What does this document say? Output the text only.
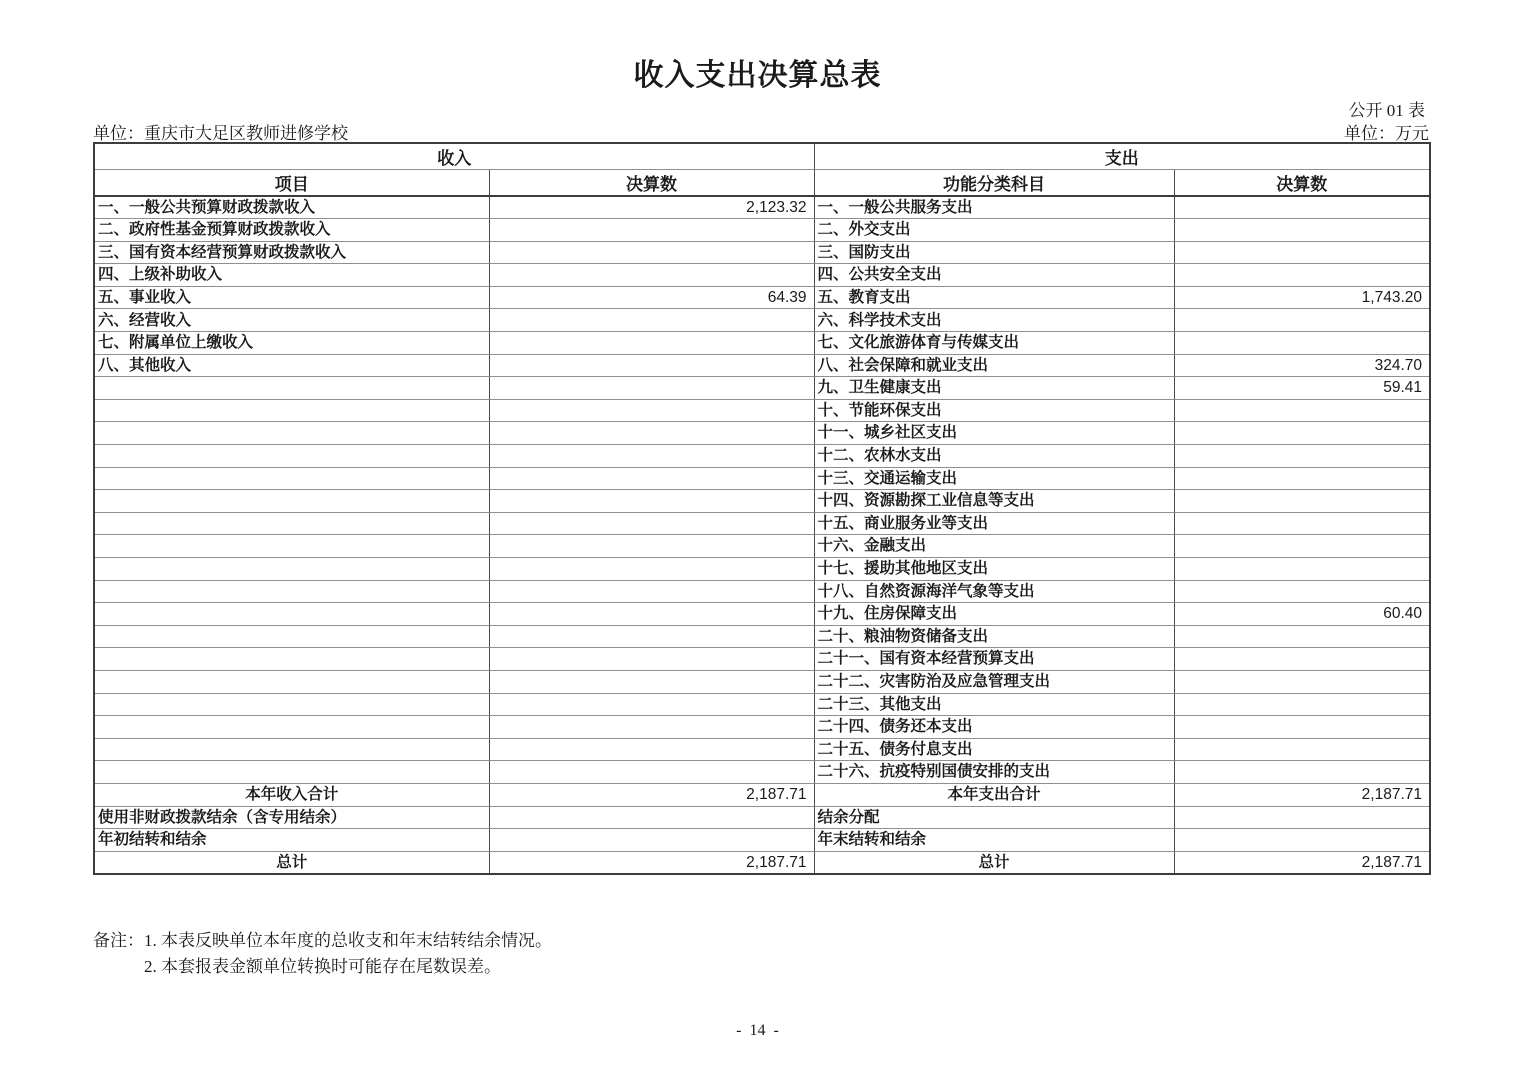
收入支出决算总表
公开 01 表
单位：重庆市大足区教师进修学校	单位：万元
收入		支出	
项目	决算数	功能分类科目	决算数
一、一般公共预算财政拨款收入	2,123.32	一、一般公共服务支出	
二、政府性基金预算财政拨款收入		二、外交支出	
三、国有资本经营预算财政拨款收入		三、国防支出	
四、上级补助收入		四、公共安全支出	
五、事业收入	64.39	五、教育支出	1,743.20
六、经营收入		六、科学技术支出	
七、附属单位上缴收入		七、文化旅游体育与传媒支出	
八、其他收入		八、社会保障和就业支出	324.70
		九、卫生健康支出	59.41
		十、节能环保支出	
		十一、城乡社区支出	
		十二、农林水支出	
		十三、交通运输支出	
		十四、资源勘探工业信息等支出	
		十五、商业服务业等支出	
		十六、金融支出	
		十七、援助其他地区支出	
		十八、自然资源海洋气象等支出	
		十九、住房保障支出	60.40
		二十、粮油物资储备支出	
		二十一、国有资本经营预算支出	
		二十二、灾害防治及应急管理支出	
		二十三、其他支出	
		二十四、债务还本支出	
		二十五、债务付息支出	
		二十六、抗疫特别国债安排的支出	
本年收入合计	2,187.71	本年支出合计	2,187.71
使用非财政拨款结余（含专用结余）		结余分配	
年初结转和结余		年末结转和结余	
总计	2,187.71	总计	2,187.71
备注： 1. 本表反映单位本年度的总收支和年末结转结余情况。
2. 本套报表金额单位转换时可能存在尾数误差。
-  14  -
